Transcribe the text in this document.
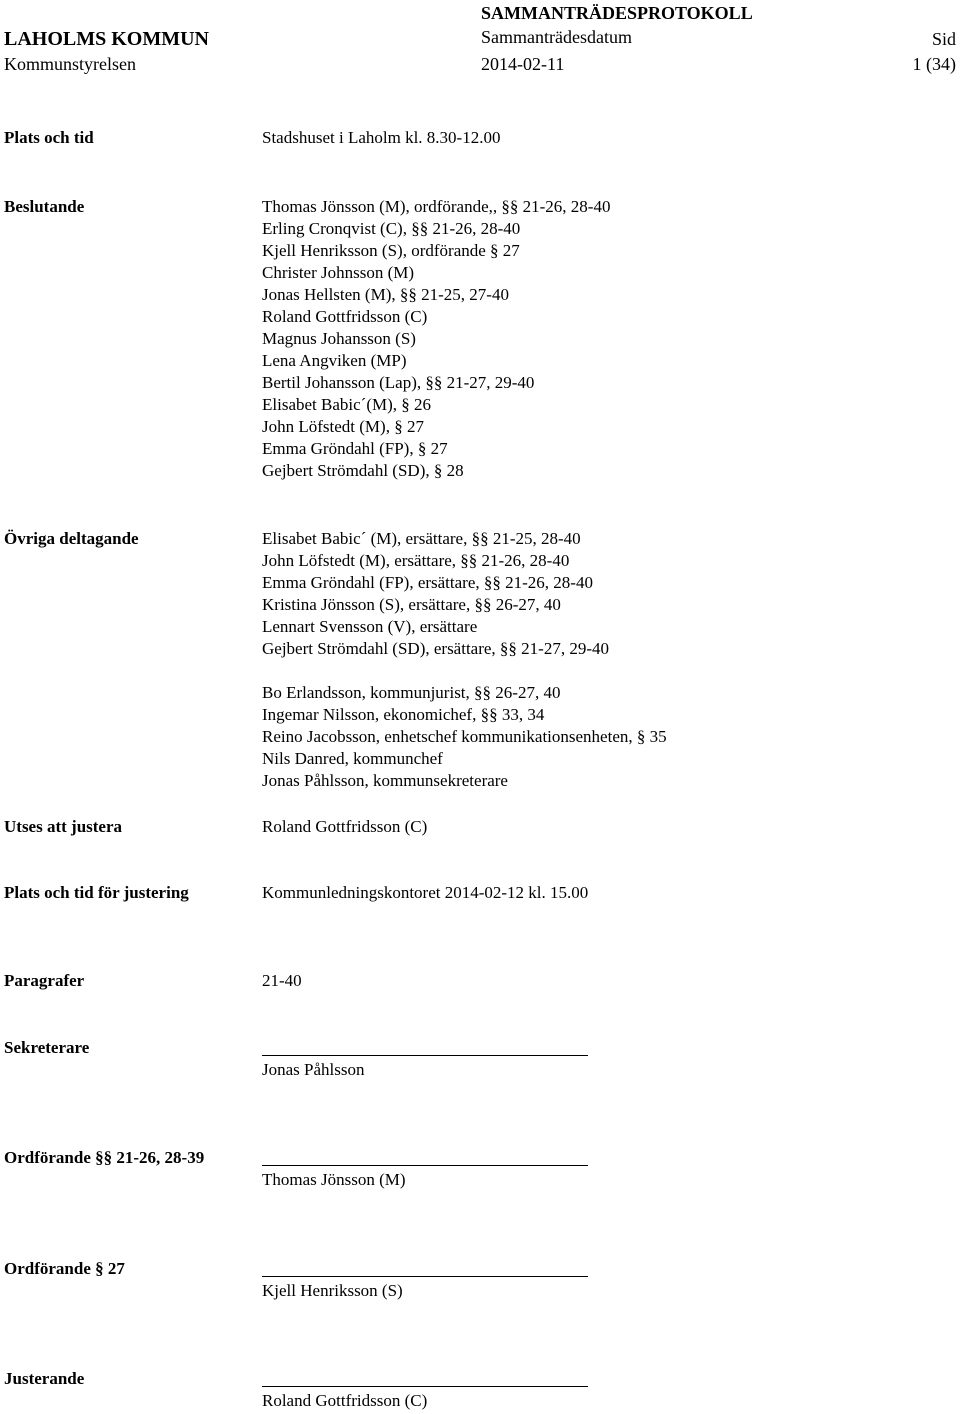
LAHOLMS KOMMUN
Kommunstyrelsen
SAMMANTRÄDESPROTOKOLL
Sammanträdesdatum
2014-02-11
Sid
1 (34)
Plats och tid	Stadshuset i Laholm kl. 8.30-12.00
Beslutande	Thomas Jönsson (M), ordförande,, §§ 21-26, 28-40
Erling Cronqvist (C), §§ 21-26, 28-40
Kjell Henriksson (S), ordförande § 27
Christer Johnsson (M)
Jonas Hellsten (M), §§ 21-25, 27-40
Roland Gottfridsson (C)
Magnus Johansson (S)
Lena Angviken (MP)
Bertil Johansson (Lap), §§ 21-27, 29-40
Elisabet Babic´(M), § 26
John Löfstedt (M), § 27
Emma Gröndahl (FP), § 27
Gejbert Strömdahl (SD), § 28
Övriga deltagande	Elisabet Babic´ (M), ersättare, §§ 21-25, 28-40
John Löfstedt (M), ersättare, §§ 21-26, 28-40
Emma Gröndahl (FP), ersättare, §§ 21-26, 28-40
Kristina Jönsson (S), ersättare, §§ 26-27, 40
Lennart Svensson (V), ersättare
Gejbert Strömdahl (SD), ersättare, §§ 21-27, 29-40
Bo Erlandsson, kommunjurist, §§ 26-27, 40
Ingemar Nilsson, ekonomichef, §§ 33, 34
Reino Jacobsson, enhetschef kommunikationsenheten, § 35
Nils Danred, kommunchef
Jonas Påhlsson, kommunsekreterare
Utses att justera	Roland Gottfridsson (C)
Plats och tid för justering	Kommunledningskontoret 2014-02-12 kl. 15.00
Paragrafer	21-40
Sekreterare
Jonas Påhlsson
Ordförande §§ 21-26, 28-39
Thomas Jönsson (M)
Ordförande § 27
Kjell Henriksson (S)
Justerande
Roland Gottfridsson (C)
